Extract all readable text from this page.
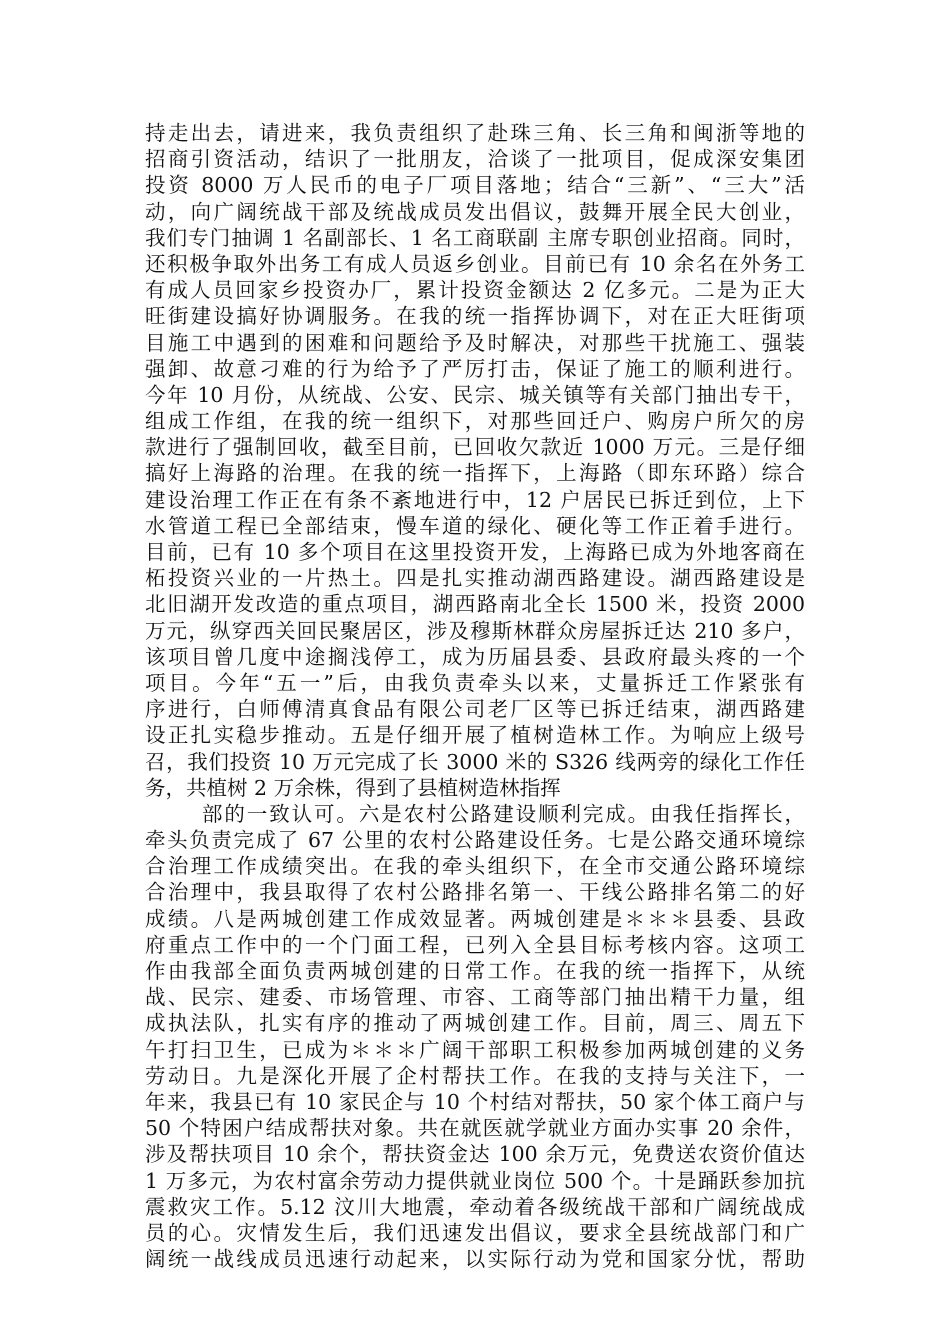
持走出去，请进来，我负责组织了赴珠三角、长三角和闽浙等地的
招商引资活动，结识了一批朋友，洽谈了一批项目，促成深安集团
投资 8000 万人民币的电子厂项目落地；结合“三新”、“三大”活
动，向广阔统战干部及统战成员发出倡议，鼓舞开展全民大创业，
我们专门抽调 1 名副部长、1 名工商联副 主席专职创业招商。同时，
还积极争取外出务工有成人员返乡创业。目前已有 10 余名在外务工
有成人员回家乡投资办厂，累计投资金额达 2 亿多元。二是为正大
旺街建设搞好协调服务。在我的统一指挥协调下，对在正大旺街项
目施工中遇到的困难和问题给予及时解决，对那些干扰施工、强装
强卸、故意刁难的行为给予了严厉打击，保证了施工的顺利进行。
今年 10 月份，从统战、公安、民宗、城关镇等有关部门抽出专干，
组成工作组，在我的统一组织下，对那些回迁户、购房户所欠的房
款进行了强制回收，截至目前，已回收欠款近 1000 万元。三是仔细
搞好上海路的治理。在我的统一指挥下，上海路（即东环路）综合
建设治理工作正在有条不紊地进行中，12 户居民已拆迁到位，上下
水管道工程已全部结束，慢车道的绿化、硬化等工作正着手进行。
目前，已有 10 多个项目在这里投资开发，上海路已成为外地客商在
柘投资兴业的一片热土。四是扎实推动湖西路建设。湖西路建设是
北旧湖开发改造的重点项目，湖西路南北全长 1500 米，投资 2000
万元，纵穿西关回民聚居区，涉及穆斯林群众房屋拆迁达 210 多户，
该项目曾几度中途搁浅停工，成为历届县委、县政府最头疼的一个
项目。今年“五一”后，由我负责牵头以来，丈量拆迁工作紧张有
序进行，白师傅清真食品有限公司老厂区等已拆迁结束，湖西路建
设正扎实稳步推动。五是仔细开展了植树造林工作。为响应上级号
召，我们投资 10 万元完成了长 3000 米的 S326 线两旁的绿化工作任
务，共植树 2 万余株，得到了县植树造林指挥
部的一致认可。六是农村公路建设顺利完成。由我任指挥长，
牵头负责完成了 67 公里的农村公路建设任务。七是公路交通环境综
合治理工作成绩突出。在我的牵头组织下，在全市交通公路环境综
合治理中，我县取得了农村公路排名第一、干线公路排名第二的好
成绩。八是两城创建工作成效显著。两城创建是＊＊＊县委、县政
府重点工作中的一个门面工程，已列入全县目标考核内容。这项工
作由我部全面负责两城创建的日常工作。在我的统一指挥下，从统
战、民宗、建委、市场管理、市容、工商等部门抽出精干力量，组
成执法队，扎实有序的推动了两城创建工作。目前，周三、周五下
午打扫卫生，已成为＊＊＊广阔干部职工积极参加两城创建的义务
劳动日。九是深化开展了企村帮扶工作。在我的支持与关注下，一
年来，我县已有 10 家民企与 10 个村结对帮扶，50 家个体工商户与
50 个特困户结成帮扶对象。共在就医就学就业方面办实事 20 余件，
涉及帮扶项目 10 余个，帮扶资金达 100 余万元，免费送农资价值达
1 万多元，为农村富余劳动力提供就业岗位 500 个。十是踊跃参加抗
震救灾工作。5.12 汶川大地震，牵动着各级统战干部和广阔统战成
员的心。灾情发生后，我们迅速发出倡议，要求全县统战部门和广
阔统一战线成员迅速行动起来，以实际行动为党和国家分忧，帮助
